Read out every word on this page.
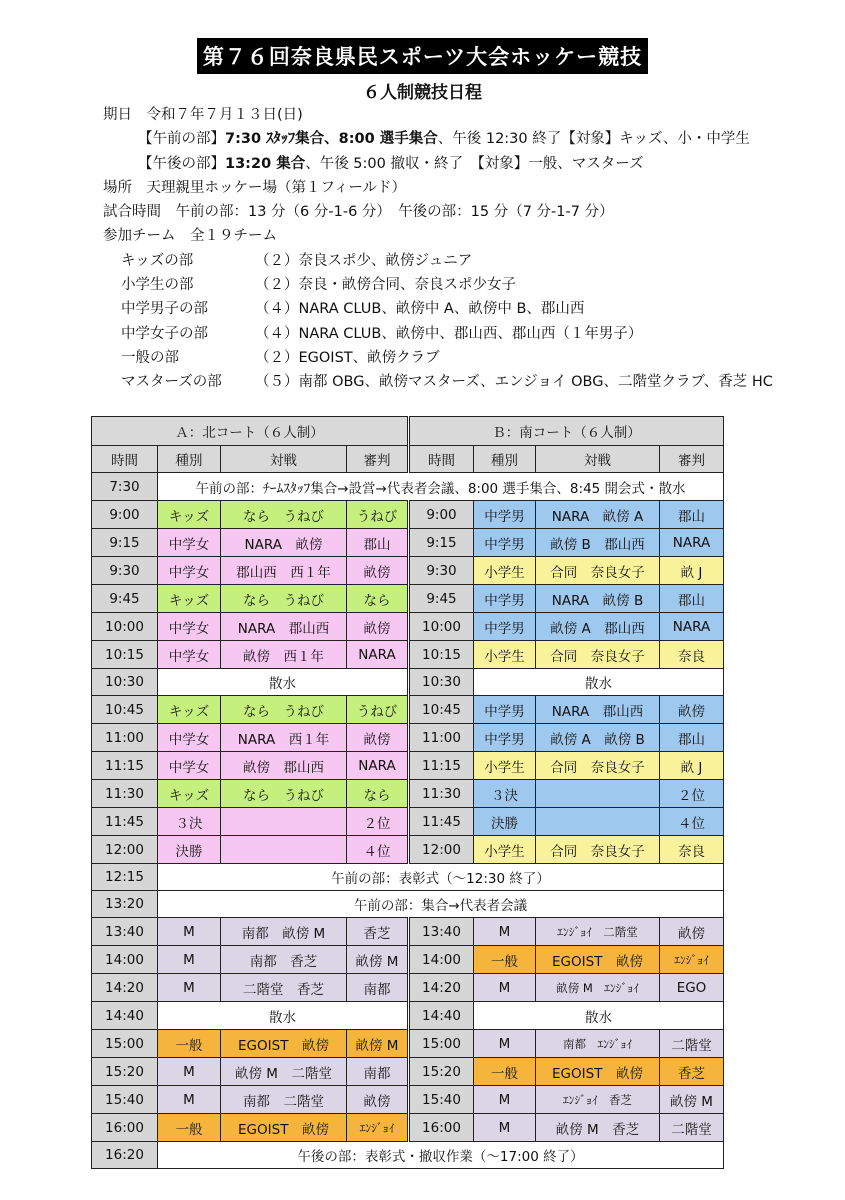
第７６回奈良県民スポーツ大会ホッケー競技
６人制競技日程
期日　令和７年７月１３日(日)
【午前の部】7:30 ｽﾀｯﾌ集合、8:00 選手集合、午後 12:30 終了【対象】キッズ、小・中学生
【午後の部】13:20 集合、午後 5:00 撤収・終了　【対象】一般、マスターズ
場所　天理親里ホッケー場（第１フィールド）
試合時間　午前の部：13 分（6 分-1-6 分）　午後の部：15 分（7 分-1-7 分）
参加チーム　全１９チーム
キッズの部	（２）奈良スポ少、畝傍ジュニア
小学生の部	（２）奈良・畝傍合同、奈良スポ少女子
中学男子の部	（４）NARA CLUB、畝傍中 A、畝傍中 B、郡山西
中学女子の部	（４）NARA CLUB、畝傍中、郡山西、郡山西（１年男子）
一般の部	（２）EGOIST、畝傍クラブ
マスターズの部 （５）南都 OBG、畝傍マスターズ、エンジョイ OBG、二階堂クラブ、香芝 HC
Ａ：北コート（６人制）				Ｂ：南コート（６人制）			
時間	種別	対戦	審判	時間	種別	対戦	審判
7:30	午前の部：ﾁｰﾑｽﾀｯﾌ集合→設営→代表者会議、8:00 選手集合、8:45 開会式・散水						
9:00	キッズ	なら　うねび	うねび	9:00	中学男	NARA　畝傍 A	郡山
9:15	中学女	NARA　畝傍	郡山	9:15	中学男	畝傍 B　郡山西	NARA
9:30	中学女	郡山西　西１年	畝傍	9:30	小学生	合同　奈良女子	畝 J
9:45	キッズ	なら　うねび	なら	9:45	中学男	NARA　畝傍 B	郡山
10:00	中学女	NARA　郡山西	畝傍	10:00	中学男	畝傍 A　郡山西	NARA
10:15	中学女	畝傍　西１年	NARA	10:15	小学生	合同　奈良女子	奈良
10:30	散水			10:30	散水		
10:45	キッズ	なら　うねび	うねび	10:45	中学男	NARA　郡山西	畝傍
11:00	中学女	NARA　西１年	畝傍	11:00	中学男	畝傍 A　畝傍 B	郡山
11:15	中学女	畝傍　郡山西	NARA	11:15	小学生	合同　奈良女子	畝 J
11:30	キッズ	なら　うねび	なら	11:30	３決		２位
11:45	３決		２位	11:45	決勝		４位
12:00	決勝		４位	12:00	小学生	合同　奈良女子	奈良
12:15	午前の部：表彰式（～12:30 終了）						
13:20	午前の部：集合→代表者会議						
13:40	M	南都　畝傍 M	香芝	13:40	M	ｴﾝｼﾞｮｲ　二階堂	畝傍
14:00	M	南都　香芝	畝傍 M	14:00	一般	EGOIST　畝傍	ｴﾝｼﾞｮｲ
14:20	M	二階堂　香芝	南都	14:20	M	畝傍 M　ｴﾝｼﾞｮｲ	EGO
14:40	散水			14:40	散水		
15:00	一般	EGOIST　畝傍	畝傍 M	15:00	M	南都　ｴﾝｼﾞｮｲ	二階堂
15:20	M	畝傍 M　二階堂	南都	15:20	一般	EGOIST　畝傍	香芝
15:40	M	南都　二階堂	畝傍	15:40	M	ｴﾝｼﾞｮｲ　香芝	畝傍 M
16:00	一般	EGOIST　畝傍	ｴﾝｼﾞｮｲ	16:00	M	畝傍 M　香芝	二階堂
16:20	午後の部：表彰式・撤収作業（～17:00 終了）						
